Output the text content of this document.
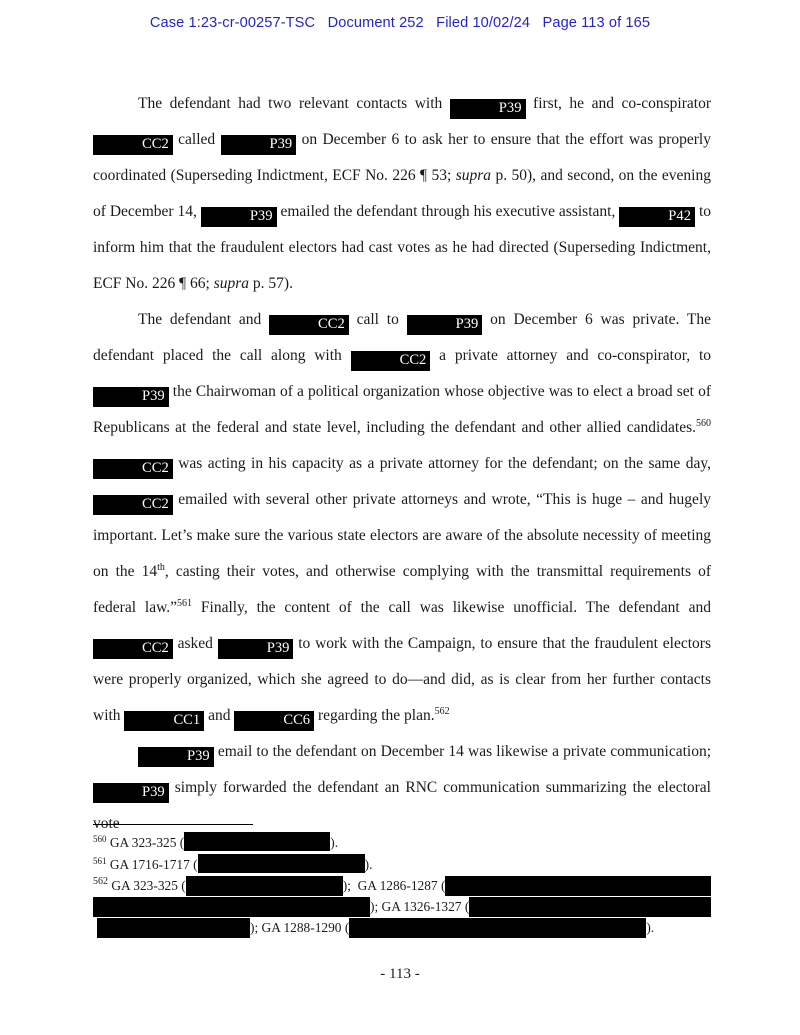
Case 1:23-cr-00257-TSC   Document 252   Filed 10/02/24   Page 113 of 165

The defendant had two relevant contacts with	P39 first, he and co-conspirator CC2 called	P39 on December 6 to ask her to ensure that the effort was properly coordinated (Superseding Indictment, ECF No. 226 ¶ 53; supra p. 50), and second, on the evening of December 14,	P39 emailed the defendant through his executive assistant,	P42 to inform him that the fraudulent electors had cast votes as he had directed (Superseding Indictment, ECF No. 226 ¶ 66; supra p. 57).

The defendant and	CC2 call to	P39 on December 6 was private. The defendant placed the call along with	CC2 a private attorney and co-conspirator, to P39 the Chairwoman of a political organization whose objective was to elect a broad set of Republicans at the federal and state level, including the defendant and other allied candidates.$^{560}$ CC2 was acting in his capacity as a private attorney for the defendant; on the same day, CC2 emailed with several other private attorneys and wrote, “This is huge – and hugely important. Let’s make sure the various state electors are aware of the absolute necessity of meeting on the 14th, casting their votes, and otherwise complying with the transmittal requirements of federal law.”$^{561}$ Finally, the content of the call was likewise unofficial. The defendant and CC2 asked	P39 to work with the Campaign, to ensure that the fraudulent electors were properly organized, which she agreed to do—and did, as is clear from her further contacts with	CC1 and	CC6 regarding the plan.$^{562}$

P39 email to the defendant on December 14 was likewise a private communication; P39 simply forwarded the defendant an RNC communication summarizing the electoral vote

$^{560}$ GA 323-325 (	).
$^{561}$ GA 1716-1717 (	).
$^{562}$ GA 323-325 (	);  GA 1286-1287 (
); GA 1326-1327 (
); GA 1288-1290 (	).
- 113 -
